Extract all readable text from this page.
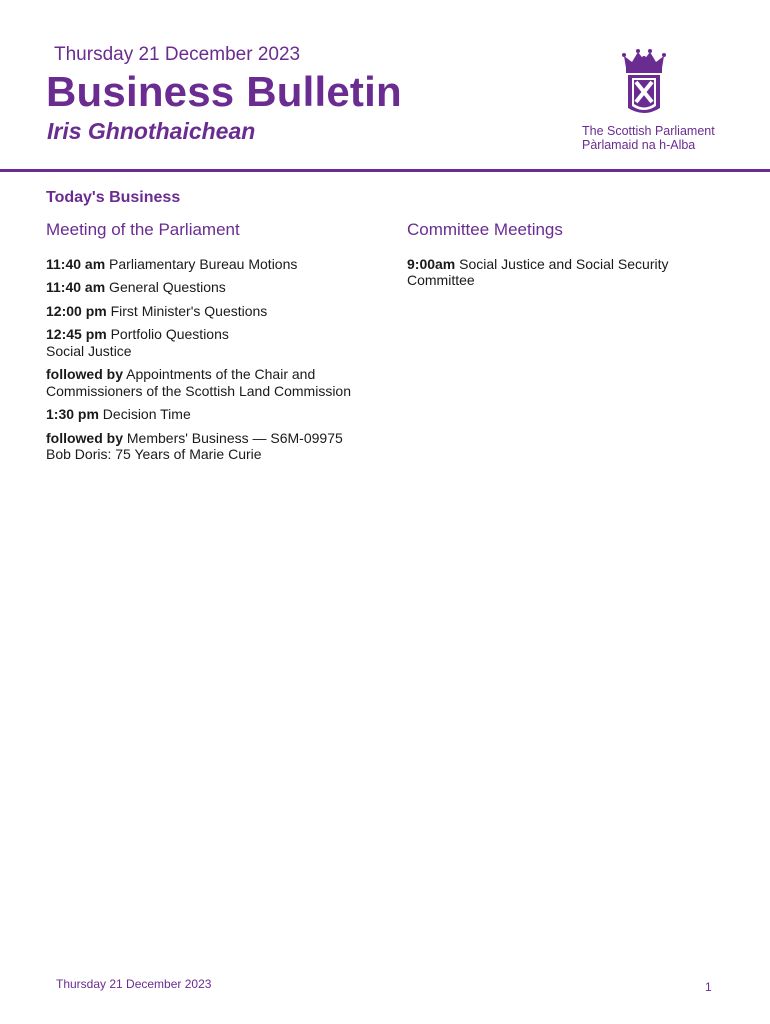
Thursday 21 December 2023
Business Bulletin
Iris Ghnothaichean	The Scottish Parliament
Pàrlamaid na h-Alba
Today's Business
Meeting of the Parliament
11:40 am Parliamentary Bureau Motions
11:40 am General Questions
12:00 pm First Minister's Questions
12:45 pm Portfolio Questions
Social Justice
followed by Appointments of the Chair and Commissioners of the Scottish Land Commission
1:30 pm Decision Time
followed by Members' Business — S6M-09975 Bob Doris: 75 Years of Marie Curie
Committee Meetings
9:00am Social Justice and Social Security Committee
Thursday 21 December 2023	1
